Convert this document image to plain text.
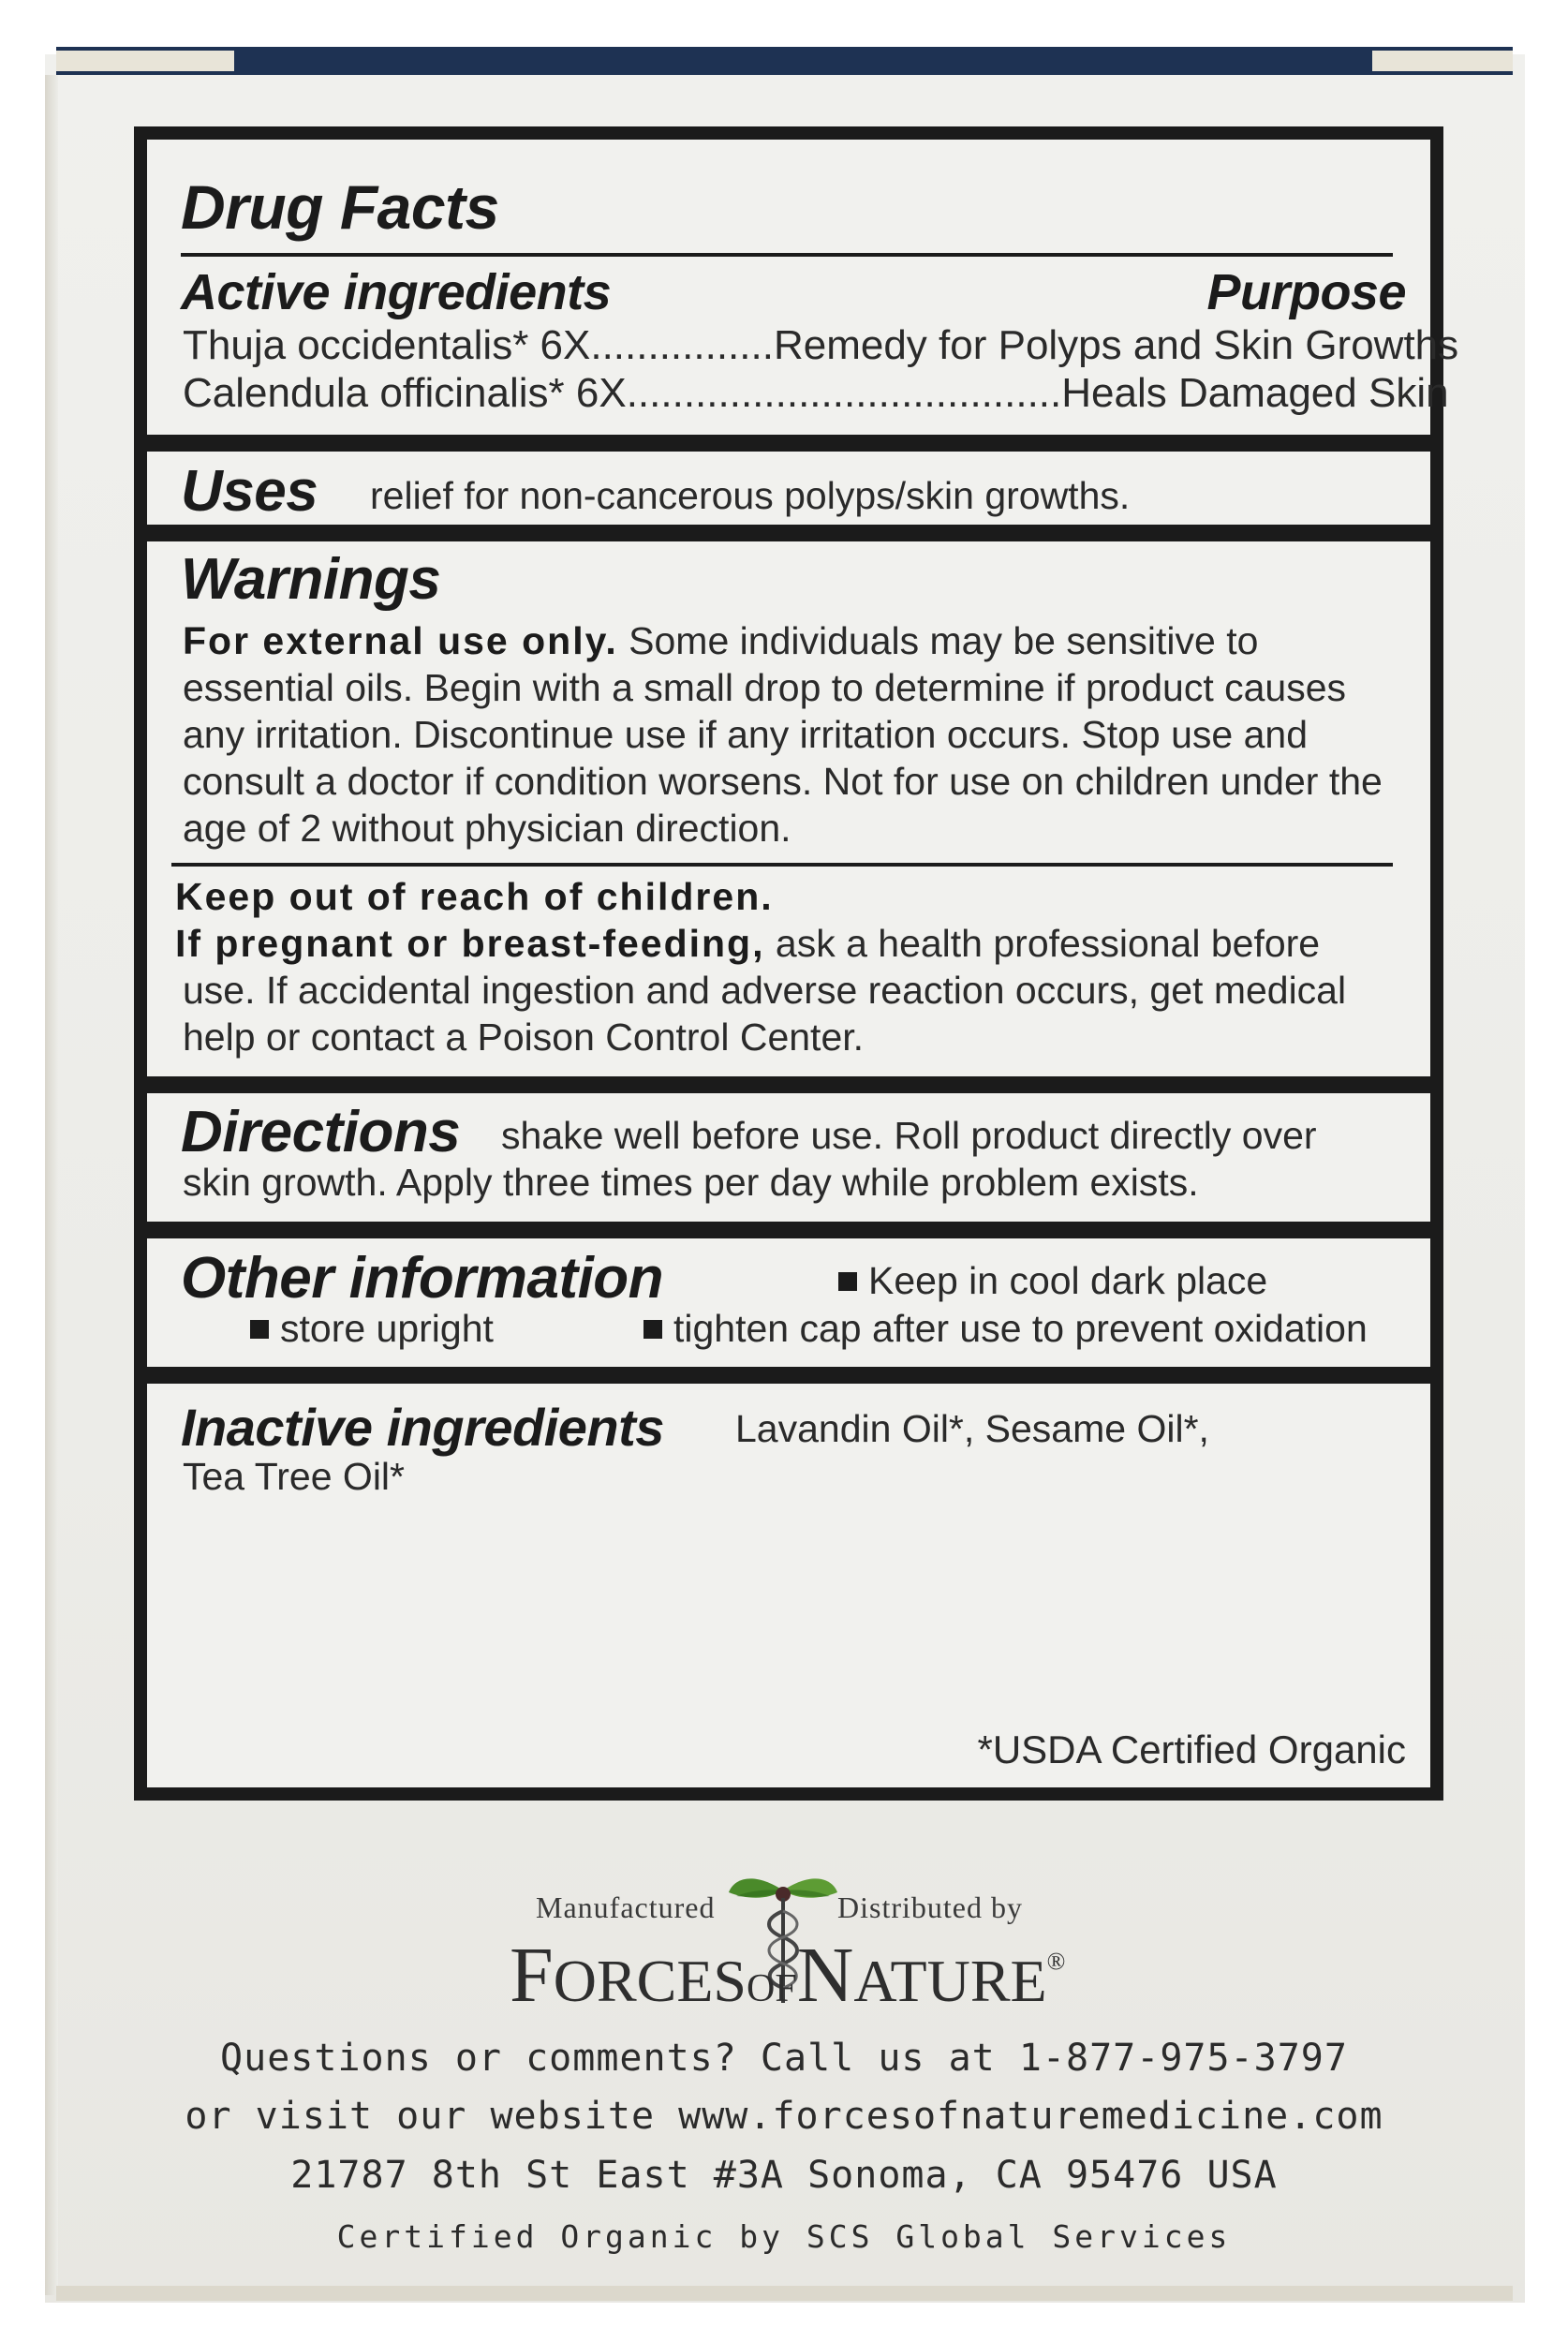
Drug Facts
Active ingredients	Purpose
Thuja occidentalis* 6X................Remedy for Polyps and Skin Growths
Calendula officinalis* 6X......................................Heals Damaged Skin
Uses relief for non-cancerous polyps/skin growths.
Warnings
For external use only. Some individuals may be sensitive to
essential oils. Begin with a small drop to determine if product causes
any irritation. Discontinue use if any irritation occurs. Stop use and
consult a doctor if condition worsens. Not for use on children under the
age of 2 without physician direction.
Keep out of reach of children.
If pregnant or breast-feeding, ask a health professional before
use. If accidental ingestion and adverse reaction occurs, get medical
help or contact a Poison Control Center.
Directions shake well before use. Roll product directly over
skin growth. Apply three times per day while problem exists.
Other information	Keep in cool dark place
store upright	tighten cap after use to prevent oxidation
Inactive ingredients Lavandin Oil*, Sesame Oil*,
Tea Tree Oil*
*USDA Certified Organic
Manufactured	Distributed by
FORCESOFNATURE®
Questions or comments? Call us at 1-877-975-3797
or visit our website www.forcesofnaturemedicine.com
21787 8th St East #3A Sonoma, CA 95476 USA
Certified Organic by SCS Global Services
